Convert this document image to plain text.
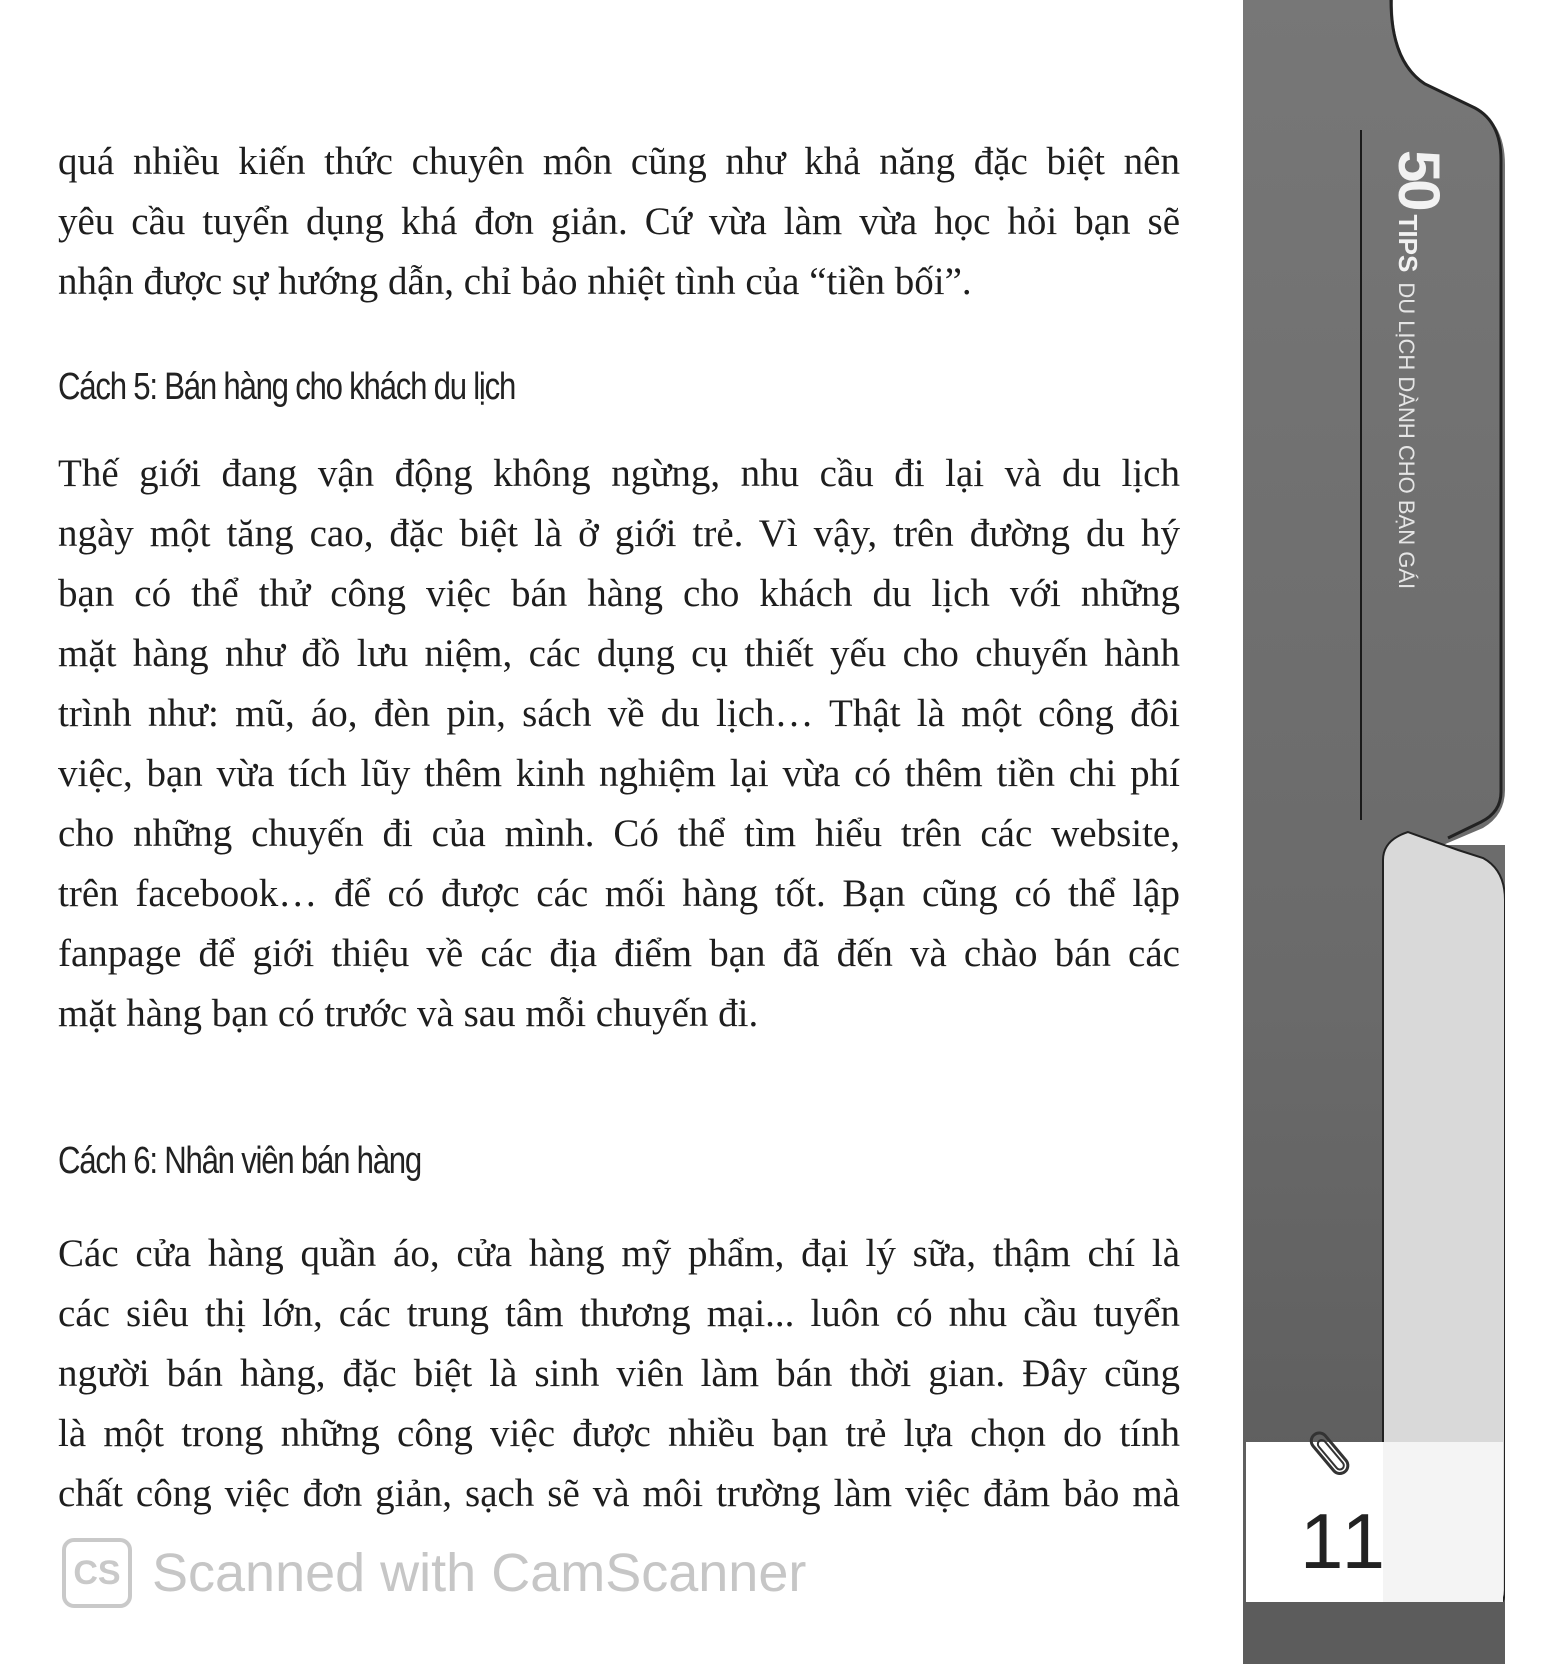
quá nhiều kiến thức chuyên môn cũng như khả năng đặc biệt nên
yêu cầu tuyển dụng khá đơn giản. Cứ vừa làm vừa học hỏi bạn sẽ
nhận được sự hướng dẫn, chỉ bảo nhiệt tình của “tiền bối”.
Cách 5: Bán hàng cho khách du lịch
Thế giới đang vận động không ngừng, nhu cầu đi lại và du lịch
ngày một tăng cao, đặc biệt là ở giới trẻ. Vì vậy, trên đường du hý
bạn có thể thử công việc bán hàng cho khách du lịch với những
mặt hàng như đồ lưu niệm, các dụng cụ thiết yếu cho chuyến hành
trình như: mũ, áo, đèn pin, sách về du lịch… Thật là một công đôi
việc, bạn vừa tích lũy thêm kinh nghiệm lại vừa có thêm tiền chi phí
cho những chuyến đi của mình. Có thể tìm hiểu trên các website,
trên facebook… để có được các mối hàng tốt. Bạn cũng có thể lập
fanpage để giới thiệu về các địa điểm bạn đã đến và chào bán các
mặt hàng bạn có trước và sau mỗi chuyến đi.
Cách 6: Nhân viên bán hàng
Các cửa hàng quần áo, cửa hàng mỹ phẩm, đại lý sữa, thậm chí là
các siêu thị lớn, các trung tâm thương mại... luôn có nhu cầu tuyển
người bán hàng, đặc biệt là sinh viên làm bán thời gian. Đây cũng
là một trong những công việc được nhiều bạn trẻ lựa chọn do tính
chất công việc đơn giản, sạch sẽ và môi trường làm việc đảm bảo mà
50TIPSDU LỊCH DÀNH CHO BẠN GÁI
11
CS Scanned with CamScanner
